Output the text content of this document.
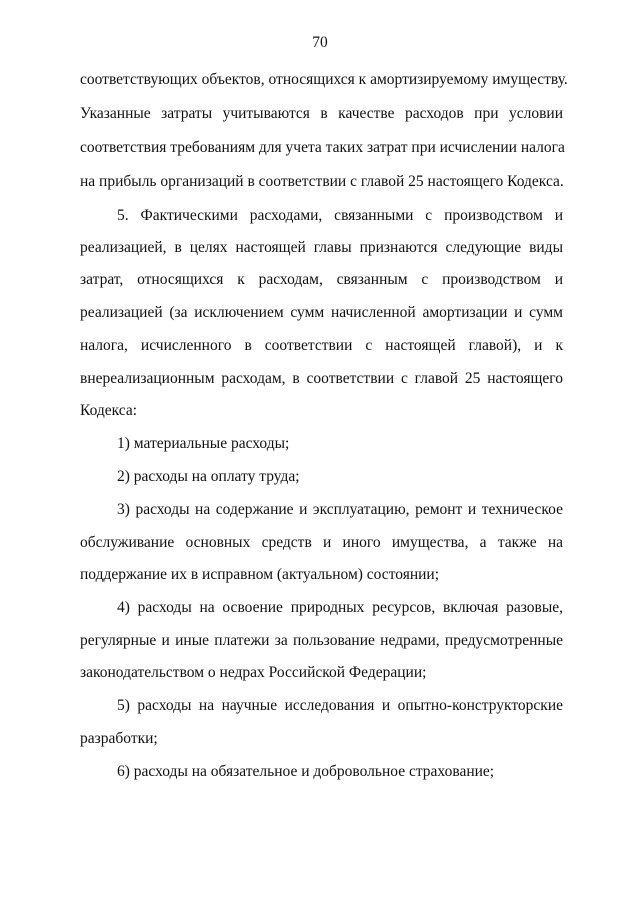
70
соответствующих объектов, относящихся к амортизируемому имуществу.
Указанные затраты учитываются в качестве расходов при условии
соответствия требованиям для учета таких затрат при исчислении налога
на прибыль организаций в соответствии с главой 25 настоящего Кодекса.
5. Фактическими расходами, связанными с производством и
реализацией, в целях настоящей главы признаются следующие виды
затрат, относящихся к расходам, связанным с производством и
реализацией (за исключением сумм начисленной амортизации и сумм
налога, исчисленного в соответствии с настоящей главой), и к
внереализационным расходам, в соответствии с главой 25 настоящего
Кодекса:
1) материальные расходы;
2) расходы на оплату труда;
3) расходы на содержание и эксплуатацию, ремонт и техническое
обслуживание основных средств и иного имущества, а также на
поддержание их в исправном (актуальном) состоянии;
4) расходы на освоение природных ресурсов, включая разовые,
регулярные и иные платежи за пользование недрами, предусмотренные
законодательством о недрах Российской Федерации;
5) расходы на научные исследования и опытно-конструкторские
разработки;
6) расходы на обязательное и добровольное страхование;
